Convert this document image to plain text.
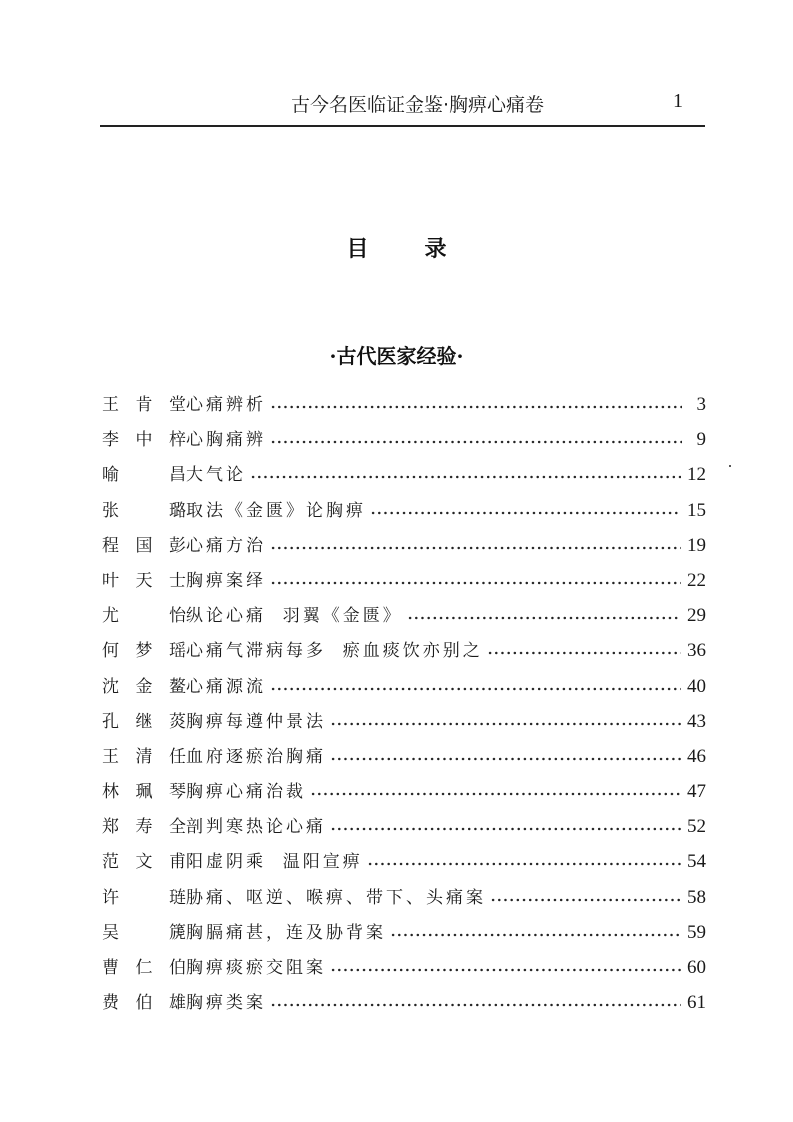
古今名医临证金鉴·胸痹心痛卷	1
目	录
·古代医家经验·
王 肯 堂 心痛辨析	3
李 中 梓 心胸痛辨	9
喻	昌 大气论	12
张	璐 取法《金匮》论胸痹	15
程 国 彭 心痛方治	19
叶 天 士 胸痹案绎	22
尤	怡 纵论心痛  羽翼《金匮》	29
何 梦 瑶 心痛气滞病每多  瘀血痰饮亦别之	36
沈 金 鳌 心痛源流	40
孔 继 菼 胸痹每遵仲景法	43
王 清 任 血府逐瘀治胸痛	46
林 珮 琴 胸痹心痛治裁	47
郑 寿 全 剖判寒热论心痛	52
范 文 甫 阳虚阴乘  温阳宣痹	54
许	琏 胁痛、呕逆、喉痹、带下、头痛案	58
吴	篪 胸膈痛甚，连及胁背案	59
曹 仁 伯 胸痹痰瘀交阻案	60
费 伯 雄 胸痹类案	61
